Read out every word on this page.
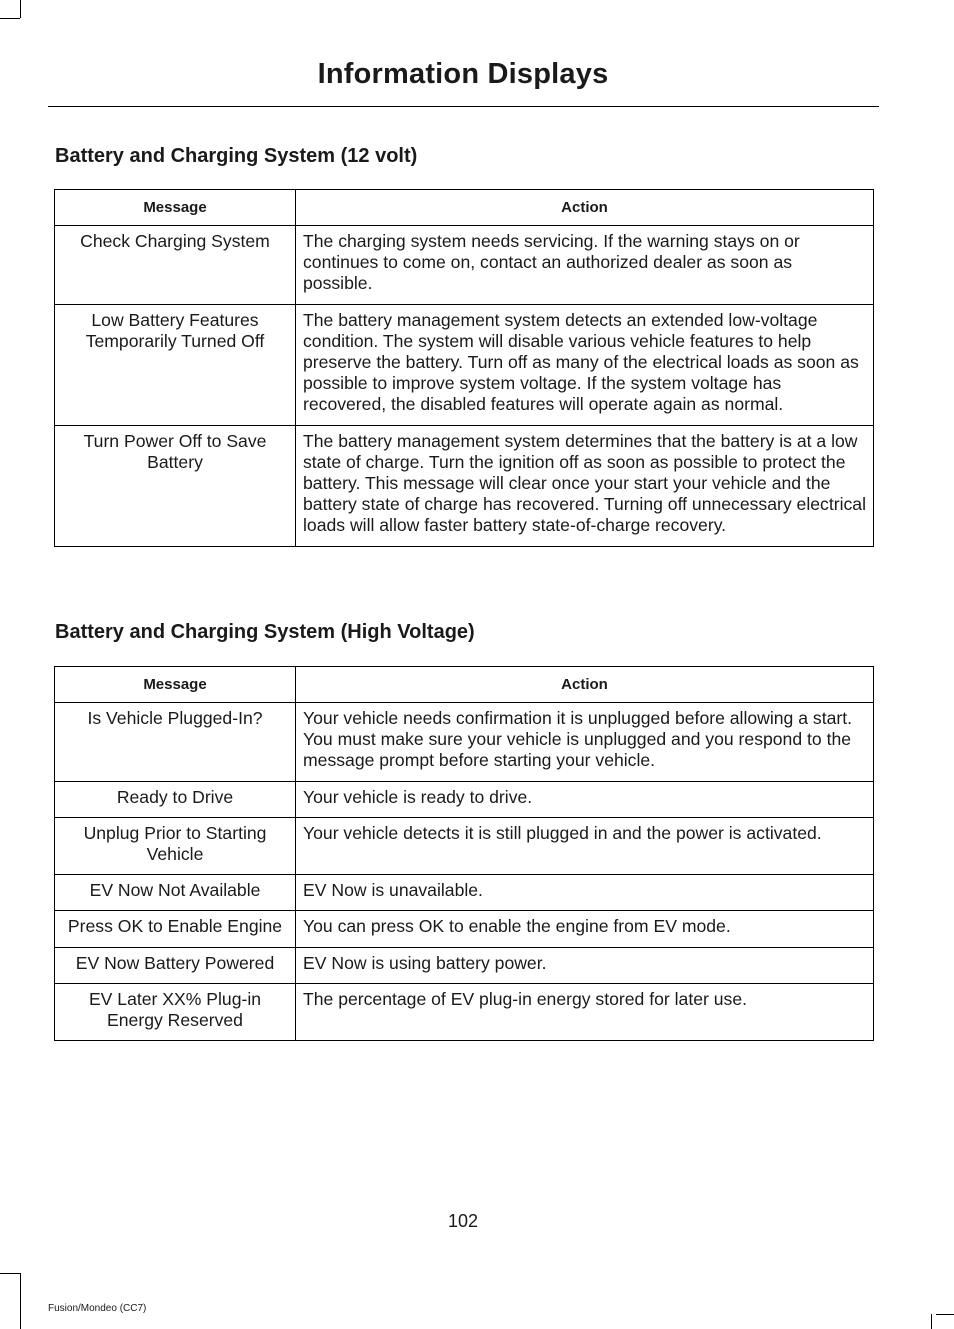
Information Displays
Battery and Charging System (12 volt)
Message	Action
Check Charging System	The charging system needs servicing. If the warning stays on or continues to come on, contact an authorized dealer as soon as possible.
Low Battery Features Temporarily Turned Off	The battery management system detects an extended low-voltage condition. The system will disable various vehicle features to help preserve the battery. Turn off as many of the electrical loads as soon as possible to improve system voltage. If the system voltage has recovered, the disabled features will operate again as normal.
Turn Power Off to Save Battery	The battery management system determines that the battery is at a low state of charge. Turn the ignition off as soon as possible to protect the battery. This message will clear once your start your vehicle and the battery state of charge has recovered. Turning off unnecessary electrical loads will allow faster battery state-of-charge recovery.
Battery and Charging System (High Voltage)
Message	Action
Is Vehicle Plugged-In?	Your vehicle needs confirmation it is unplugged before allowing a start. You must make sure your vehicle is unplugged and you respond to the message prompt before starting your vehicle.
Ready to Drive	Your vehicle is ready to drive.
Unplug Prior to Starting Vehicle	Your vehicle detects it is still plugged in and the power is activated.
EV Now Not Available	EV Now is unavailable.
Press OK to Enable Engine	You can press OK to enable the engine from EV mode.
EV Now Battery Powered	EV Now is using battery power.
EV Later XX% Plug-in Energy Reserved	The percentage of EV plug-in energy stored for later use.
102
Fusion/Mondeo (CC7)
